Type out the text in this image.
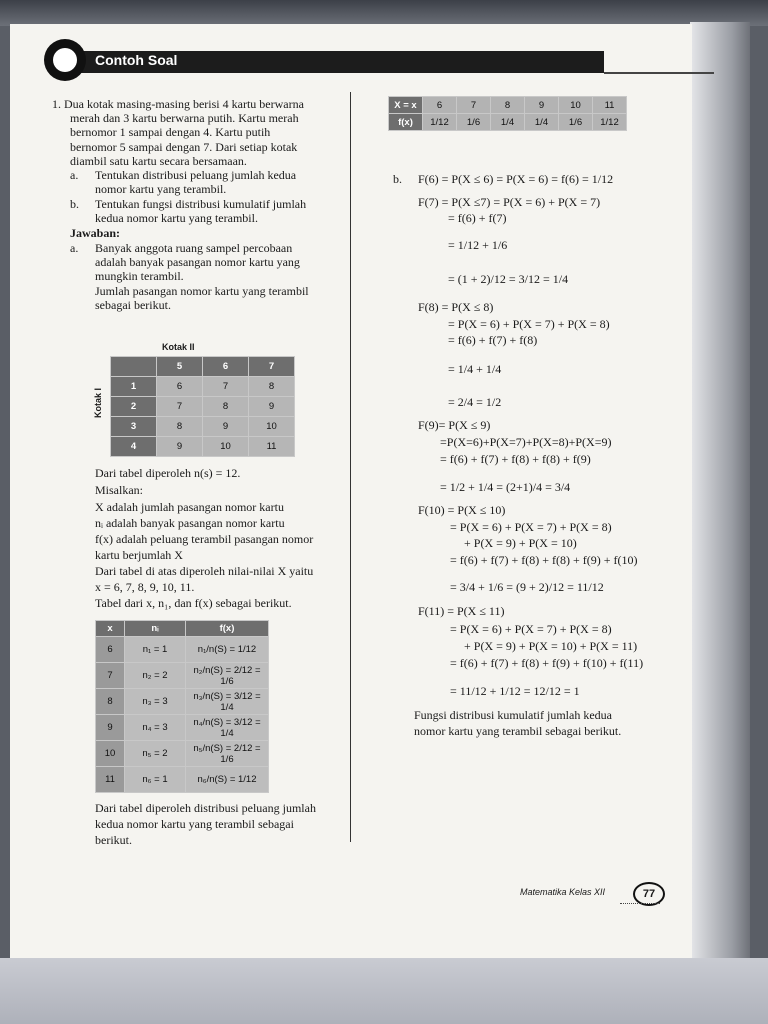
Contoh Soal
1. Dua kotak masing-masing berisi 4 kartu berwarna
merah dan 3 kartu berwarna putih. Kartu merah
bernomor 1 sampai dengan 4. Kartu putih
bernomor 5 sampai dengan 7. Dari setiap kotak
diambil satu kartu secara bersamaan.
a. Tentukan distribusi peluang jumlah kedua
nomor kartu yang terambil.
b. Tentukan fungsi distribusi kumulatif jumlah
kedua nomor kartu yang terambil.
Jawaban:
a. Banyak anggota ruang sampel percobaan
adalah banyak pasangan nomor kartu yang
mungkin terambil.
Jumlah pasangan nomor kartu yang terambil
sebagai berikut.
Kotak II
Kotak I
	5	6	7
1	6	7	8
2	7	8	9
3	8	9	10
4	9	10	11
Dari tabel diperoleh n(s) = 12.
Misalkan:
X adalah jumlah pasangan nomor kartu
nᵢ adalah banyak pasangan nomor kartu
f(x) adalah peluang terambil pasangan nomor
kartu berjumlah X
Dari tabel di atas diperoleh nilai-nilai X yaitu
x = 6, 7, 8, 9, 10, 11.
Tabel dari x, n₁, dan f(x) sebagai berikut.
x	nᵢ	f(x)
6	n₁ = 1	n₁/n(S) = 1/12
7	n₂ = 2	n₂/n(S) = 2/12 = 1/6
8	n₃ = 3	n₃/n(S) = 3/12 = 1/4
9	n₄ = 3	n₄/n(S) = 3/12 = 1/4
10	n₅ = 2	n₅/n(S) = 2/12 = 1/6
11	n₆ = 1	n₆/n(S) = 1/12
Dari tabel diperoleh distribusi peluang jumlah
kedua nomor kartu yang terambil sebagai
berikut.
X = x	6	7	8	9	10	11
f(x)	1/12	1/6	1/4	1/4	1/6	1/12
b. F(6) = P(X ≤ 6) = P(X = 6) = f(6) = 1/12
F(7) = P(X ≤7) = P(X = 6) + P(X = 7)
= f(6) + f(7)
= 1/12 + 1/6
= (1 + 2)/12 = 3/12 = 1/4
F(8) = P(X ≤ 8)
= P(X = 6) + P(X = 7) + P(X = 8)
= f(6) + f(7) + f(8)
= 1/4 + 1/4
= 2/4 = 1/2
F(9)= P(X ≤ 9)
=P(X=6)+P(X=7)+P(X=8)+P(X=9)
= f(6) + f(7) + f(8) + f(8) + f(9)
= 1/2 + 1/4 = (2+1)/4 = 3/4
F(10) = P(X ≤ 10)
= P(X = 6) + P(X = 7) + P(X = 8)
+ P(X = 9) + P(X = 10)
= f(6) + f(7) + f(8) + f(8) + f(9) + f(10)
= 3/4 + 1/6 = (9 + 2)/12 = 11/12
F(11) = P(X ≤ 11)
= P(X = 6) + P(X = 7) + P(X = 8)
+ P(X = 9) + P(X = 10) + P(X = 11)
= f(6) + f(7) + f(8) + f(9) + f(10) + f(11)
= 11/12 + 1/12 = 12/12 = 1
Fungsi distribusi kumulatif jumlah kedua
nomor kartu yang terambil sebagai berikut.
Matematika Kelas XII	77
